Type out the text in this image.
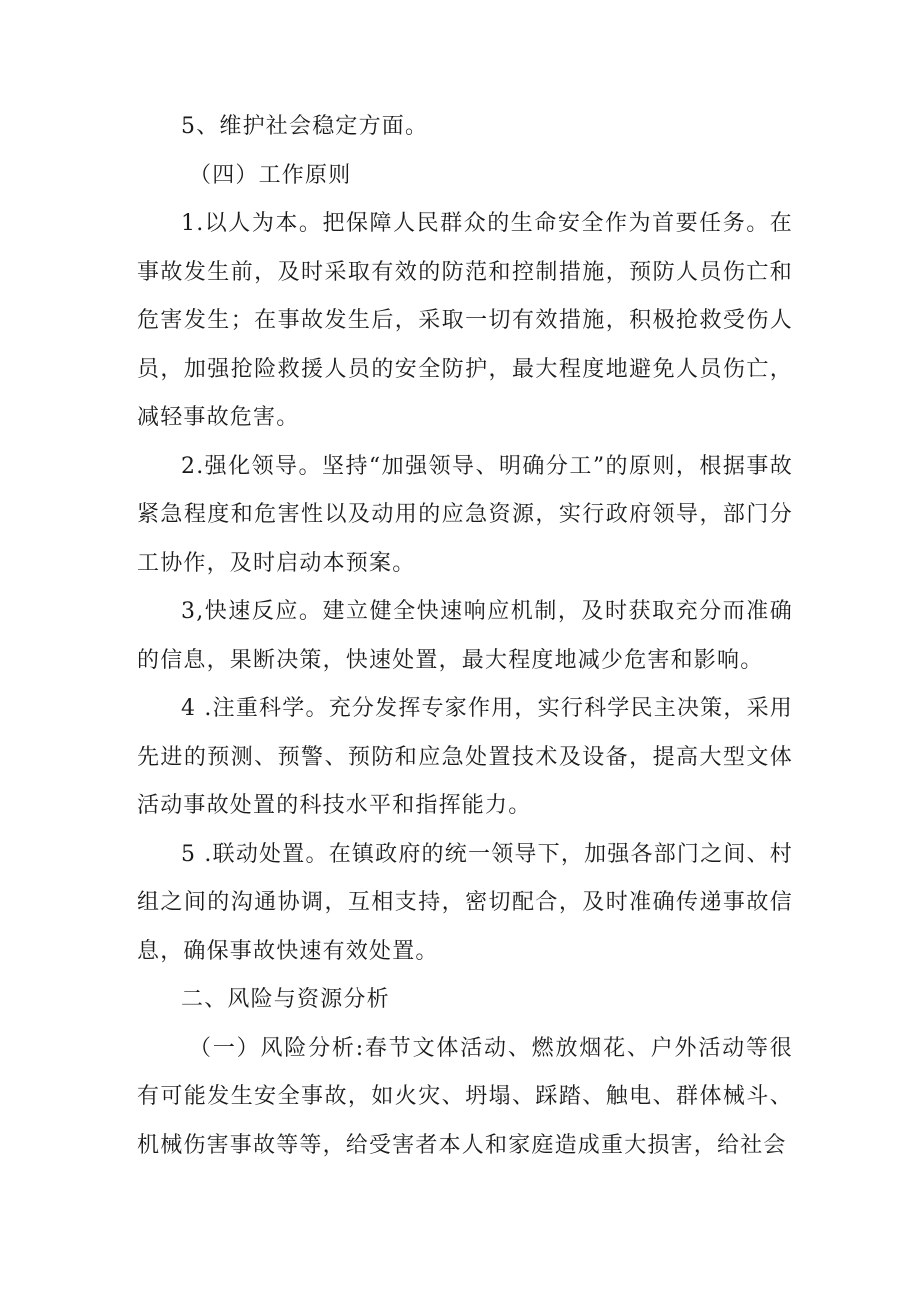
5、维护社会稳定方面。

（四）工作原则

1.以人为本。把保障人民群众的生命安全作为首要任务。在事故发生前，及时采取有效的防范和控制措施，预防人员伤亡和危害发生；在事故发生后，采取一切有效措施，积极抢救受伤人员，加强抢险救援人员的安全防护，最大程度地避免人员伤亡，减轻事故危害。

2.强化领导。坚持“加强领导、明确分工”的原则，根据事故紧急程度和危害性以及动用的应急资源，实行政府领导，部门分工协作，及时启动本预案。

3,快速反应。建立健全快速响应机制，及时获取充分而准确的信息，果断决策，快速处置，最大程度地减少危害和影响。

4 .注重科学。充分发挥专家作用，实行科学民主决策，采用先进的预测、预警、预防和应急处置技术及设备，提高大型文体活动事故处置的科技水平和指挥能力。

5 .联动处置。在镇政府的统一领导下，加强各部门之间、村组之间的沟通协调，互相支持，密切配合，及时准确传递事故信息，确保事故快速有效处置。

二、风险与资源分析

（一）风险分析:春节文体活动、燃放烟花、户外活动等很有可能发生安全事故，如火灾、坍塌、踩踏、触电、群体械斗、机械伤害事故等等，给受害者本人和家庭造成重大损害，给社会
